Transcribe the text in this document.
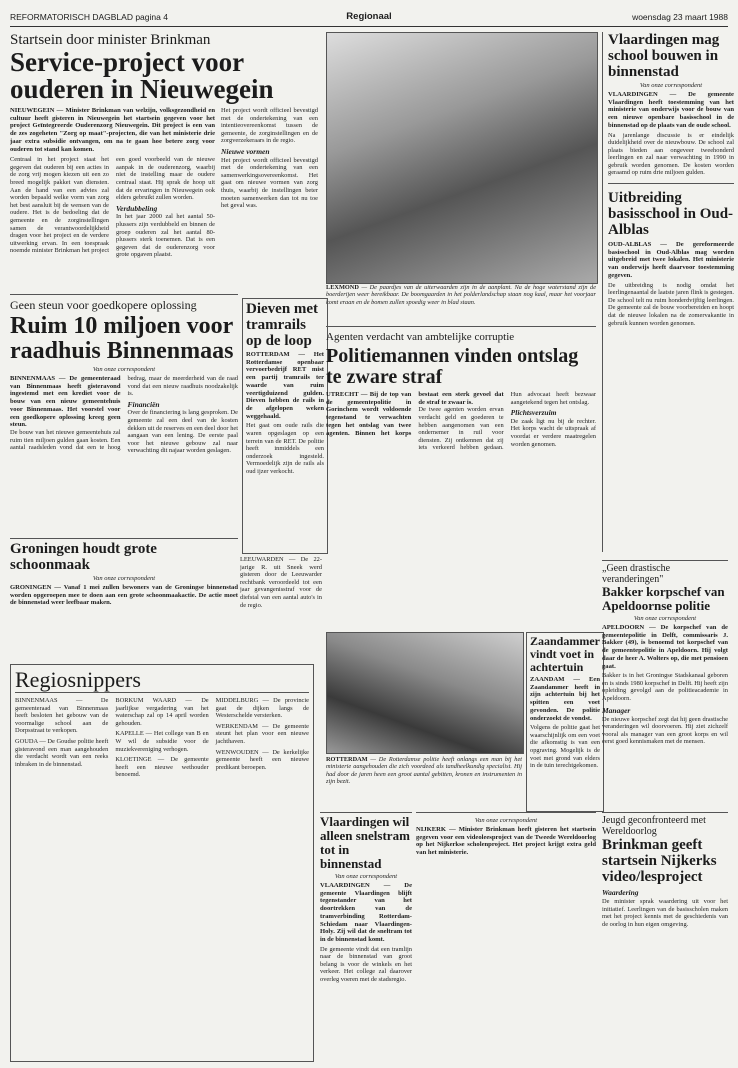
REFORMATORISCH DAGBLAD pagina 4	Regionaal	woensdag 23 maart 1988

Startsein door minister Brinkman

Service-project voor ouderen in Nieuwegein

NIEUWEGEIN — Minister Brinkman van welzijn, volksgezondheid en cultuur heeft gisteren in Nieuwegein het startsein gegeven voor het project Geïntegreerde Ouderenzorg Nieuwegein. Dit project is een van de zes zogeheten "Zorg op maat"-projecten, die van het ministerie drie jaar extra subsidie ontvangen, om na te gaan hoe betere zorg voor ouderen tot stand kan komen.
Centraal in het project staat het gegeven dat ouderen bij een acties in de zorg vrij mogen kiezen uit een zo breed mogelijk pakket van diensten. Aan de hand van een advies zal worden bepaald welke vorm van zorg het best aansluit bij de wensen van de oudere. Het is de bedoeling dat de gemeente en de zorginstellingen samen de verantwoordelijkheid dragen voor het project en de verdere uitwerking ervan. In een toespraak noemde minister Brinkman het project een goed voorbeeld van de nieuwe aanpak in de ouderenzorg, waarbij niet de instelling maar de oudere centraal staat. Hij sprak de hoop uit dat de ervaringen in Nieuwegein ook elders gebruikt zullen worden.
Verdubbeling
In het jaar 2000 zal het aantal 50-plussers zijn verdubbeld en binnen de groep ouderen zal het aantal 80-plussers sterk toenemen. Dat is een gegeven dat de ouderenzorg voor grote opgaven plaatst.
Het project wordt officieel bevestigd met de ondertekening van een intentieovereenkomst tussen de gemeente, de zorginstellingen en de zorgverzekeraars in de regio.
Nieuwe vormen
Het project wordt officieel bevestigd met de ondertekening van een samenwerkingsovereenkomst. Het gaat om nieuwe vormen van zorg thuis, waarbij de instellingen beter moeten samenwerken dan tot nu toe het geval was.
LEXMOND — De paardjes van de uiterwaarden zijn in de aanplant. Na de hoge waterstand zijn de boerderijen weer bereikbaar. De boomgaarden in het polderlandschap staan nog kaal, maar het voorjaar komt eraan en de bomen zullen spoedig weer in blad staan.

Vlaardingen mag school bouwen in binnenstad

Van onze correspondent
VLAARDINGEN — De gemeente Vlaardingen heeft toestemming van het ministerie van onderwijs voor de bouw van een nieuwe openbare basisschool in de binnenstad op de plaats van de oude school.
Na jarenlange discussie is er eindelijk duidelijkheid over de nieuwbouw. De school zal plaats bieden aan ongeveer tweehonderd leerlingen en zal naar verwachting in 1990 in gebruik worden genomen. De kosten worden geraamd op ruim drie miljoen gulden.

Uitbreiding basisschool in Oud-Alblas

OUD-ALBLAS — De gereformeerde basisschool in Oud-Alblas mag worden uitgebreid met twee lokalen. Het ministerie van onderwijs heeft daarvoor toestemming gegeven.
De uitbreiding is nodig omdat het leerlingenaantal de laatste jaren flink is gestegen. De school telt nu ruim honderdvijftig leerlingen. De gemeente zal de bouw voorbereiden en hoopt dat de nieuwe lokalen na de zomervakantie in gebruik kunnen worden genomen.

Geen steun voor goedkopere oplossing

Ruim 10 miljoen voor raadhuis Binnenmaas

Van onze correspondent
BINNENMAAS — De gemeenteraad van Binnenmaas heeft gisteravond ingestemd met een krediet voor de bouw van een nieuw gemeentehuis voor Binnenmaas. Het voorstel voor een goedkopere oplossing kreeg geen steun.
De bouw van het nieuwe gemeentehuis zal ruim tien miljoen gulden gaan kosten. Een aantal raadsleden vond dat een te hoog bedrag, maar de meerderheid van de raad vond dat een nieuw raadhuis noodzakelijk is.
Financiën
Over de financiering is lang gesproken. De gemeente zal een deel van de kosten dekken uit de reserves en een deel door het aangaan van een lening. De eerste paal voor het nieuwe gebouw zal naar verwachting dit najaar worden geslagen.

Dieven met tramrails op de loop

ROTTERDAM — Het Rotterdamse openbaar vervoerbedrijf RET mist een partij tramrails ter waarde van ruim veertigduizend gulden. Dieven hebben de rails in de afgelopen weken weggehaald.
Het gaat om oude rails die waren opgeslagen op een terrein van de RET. De politie heeft inmiddels een onderzoek ingesteld. Vermoedelijk zijn de rails als oud ijzer verkocht.
LEEUWARDEN — De 22-jarige R. uit Sneek werd gisteren door de Leeuwarder rechtbank veroordeeld tot een jaar gevangenisstraf voor de diefstal van een aantal auto's in de regio.

Agenten verdacht van ambtelijke corruptie

Politiemannen vinden ontslag te zware straf

UTRECHT — Bij de top van de gemeentepolitie in Gorinchem wordt voldoende tegenstand te verwachten tegen het ontslag van twee agenten. Binnen het korps bestaat een sterk gevoel dat de straf te zwaar is.
De twee agenten worden ervan verdacht geld en goederen te hebben aangenomen van een ondernemer in ruil voor diensten. Zij ontkennen dat zij iets verkeerd hebben gedaan. Hun advocaat heeft bezwaar aangetekend tegen het ontslag.
Plichtsverzuim
De zaak ligt nu bij de rechter. Het korps wacht de uitspraak af voordat er verdere maatregelen worden genomen.

Groningen houdt grote schoonmaak

Van onze correspondent
GRONINGEN — Vanaf 1 mei zullen bewoners van de Groningse binnenstad worden opgeroepen mee te doen aan een grote schoonmaakactie. De actie moet de binnenstad weer leefbaar maken.
ROTTERDAM — De Rotterdamse politie heeft onlangs een man bij het ministerie aangehouden die zich voordeed als tandheelkundig specialist. Hij had door de jaren heen een groot aantal gebitten, kronen en instrumenten in zijn bezit.

Zaandammer vindt voet in achtertuin

ZAANDAM — Een Zaandammer heeft in zijn achtertuin bij het spitten een voet gevonden. De politie onderzoekt de vondst.
Volgens de politie gaat het waarschijnlijk om een voet die afkomstig is van een opgraving. Mogelijk is de voet met grond van elders in de tuin terechtgekomen.

„Geen drastische veranderingen"

Bakker korpschef van Apeldoornse politie

Van onze correspondent
APELDOORN — De korpschef van de gemeentepolitie in Delft, commissaris J. Bakker (49), is benoemd tot korpschef van de gemeentepolitie in Apeldoorn. Hij volgt daar de heer A. Wolters op, die met pensioen gaat.
Bakker is in het Groningse Stadskanaal geboren en is sinds 1980 korpschef in Delft. Hij heeft zijn opleiding gevolgd aan de politieacademie in Apeldoorn.
Manager
De nieuwe korpschef zegt dat hij geen drastische veranderingen wil doorvoeren. Hij ziet zichzelf vooral als manager van een groot korps en wil eerst goed kennismaken met de mensen.

Regiosnippers

BINNENMAAS — De gemeenteraad van Binnenmaas heeft besloten het gebouw van de voormalige school aan de Dorpsstraat te verkopen.

GOUDA — De Goudse politie heeft gisteravond een man aangehouden die verdacht wordt van een reeks inbraken in de binnenstad.

BORKUM WAARD — De jaarlijkse vergadering van het waterschap zal op 14 april worden gehouden.

KAPELLE — Het college van B en W wil de subsidie voor de muziekvereniging verhogen.

KLOETINGE — De gemeente heeft een nieuwe wethouder benoemd.

MIDDELBURG — De provincie gaat de dijken langs de Westerschelde versterken.

WERKENDAM — De gemeente steunt het plan voor een nieuwe jachthaven.

WENWOUDEN — De kerkelijke gemeente heeft een nieuwe predikant beroepen.

Vlaardingen wil alleen snelstram tot in binnenstad

Van onze correspondent
VLAARDINGEN — De gemeente Vlaardingen blijft tegenstander van het doortrekken van de tramverbinding Rotterdam-Schiedam naar Vlaardingen-Holy. Zij wil dat de sneltram tot in de binnenstad komt.
De gemeente vindt dat een tramlijn naar de binnenstad van groot belang is voor de winkels en het verkeer. Het college zal daarover overleg voeren met de stadsregio.
Van onze correspondent
NIJKERK — Minister Brinkman heeft gisteren het startsein gegeven voor een videoleesproject van de Tweede Wereldoorlog op het Nijkerkse scholenproject. Het project krijgt extra geld van het ministerie.

Jeugd geconfronteerd met Wereldoorlog

Brinkman geeft startsein Nijkerks video/lesproject

Waardering
De minister sprak waardering uit voor het initiatief. Leerlingen van de basisscholen maken met het project kennis met de geschiedenis van de oorlog in hun eigen omgeving.
